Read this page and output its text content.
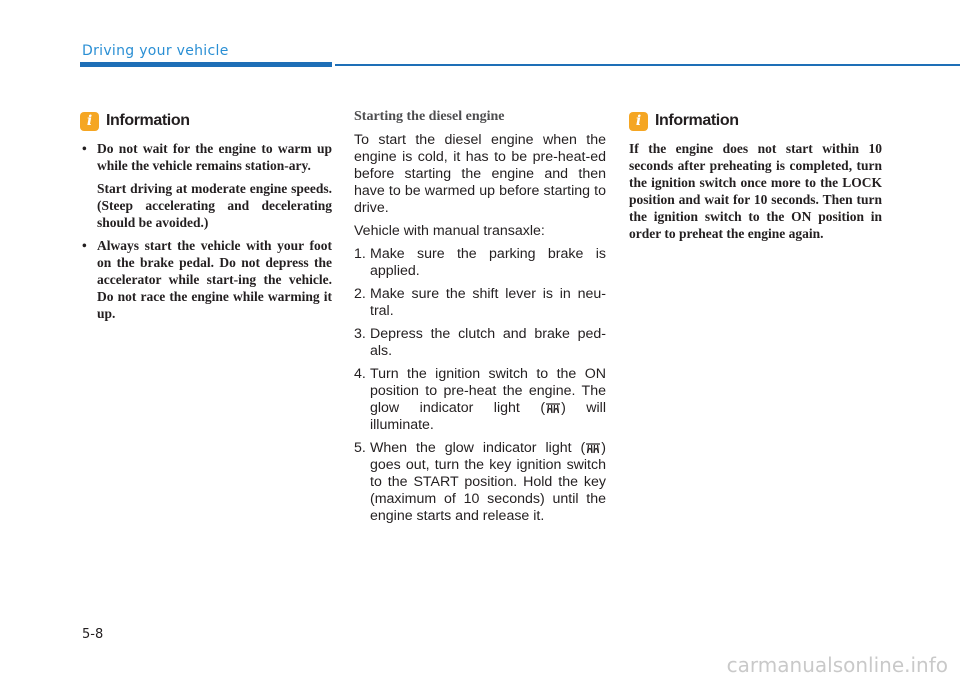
Driving your vehicle
i Information

• Do not wait for the engine to warm up while the vehicle remains station-ary.

Start driving at moderate engine speeds. (Steep accelerating and decelerating should be avoided.)

• Always start the vehicle with your foot on the brake pedal. Do not depress the accelerator while start-ing the vehicle. Do not race the engine while warming it up.

Starting the diesel engine

To start the diesel engine when the engine is cold, it has to be pre-heat-ed before starting the engine and then have to be warmed up before starting to drive.

Vehicle with manual transaxle:

1. Make sure the parking brake is applied.
2. Make sure the shift lever is in neu-tral.
3. Depress the clutch and brake ped-als.
4. Turn the ignition switch to the ON position to pre-heat the engine. The glow indicator light ( ) will illuminate.
5. When the glow indicator light ( ) goes out, turn the key ignition switch to the START position. Hold the key (maximum of 10 seconds) until the engine starts and release it.
i Information

If the engine does not start within 10 seconds after preheating is completed, turn the ignition switch once more to the LOCK position and wait for 10 seconds. Then turn the ignition switch to the ON position in order to preheat the engine again.

5-8
carmanualsonline.info
